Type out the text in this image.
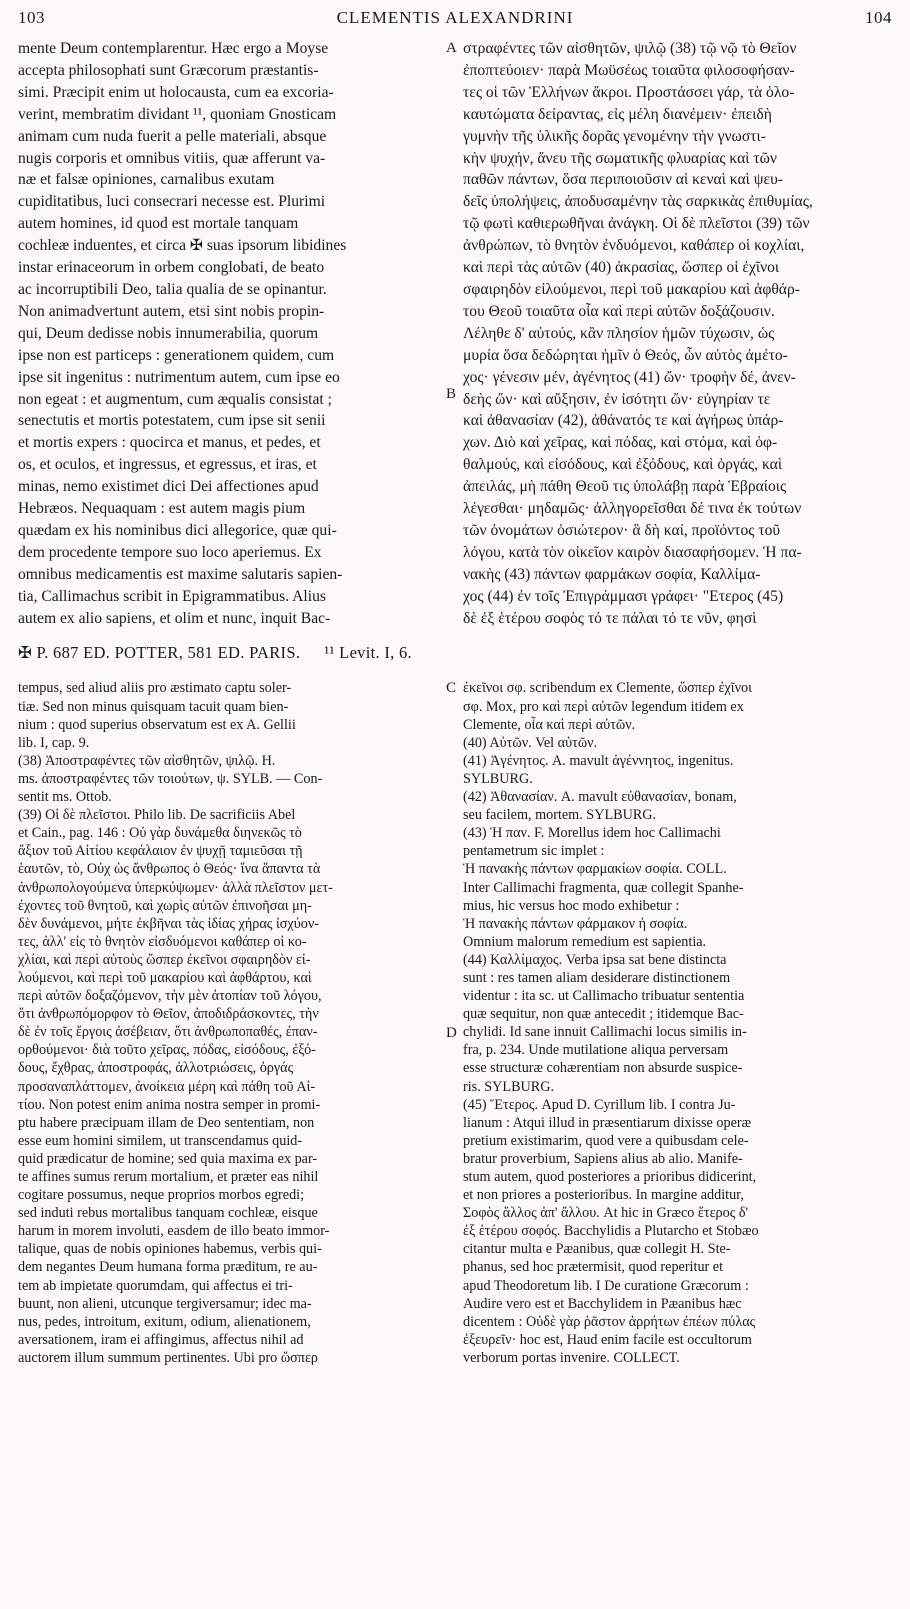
103	CLEMENTIS ALEXANDRINI	104
mente Deum contemplarentur. Hæc ergo a Moyse
accepta philosophati sunt Græcorum præstantis-
simi. Præcipit enim ut holocausta, cum ea excoria-
verint, membratim dividant ¹¹, quoniam Gnosticam
animam cum nuda fuerit a pelle materiali, absque
nugis corporis et omnibus vitiis, quæ afferunt va-
næ et falsæ opiniones, carnalibus exutam
cupiditatibus, luci consecrari necesse est. Plurimi
autem homines, id quod est mortale tanquam
cochleæ induentes, et circa ✠ suas ipsorum libidines
instar erinaceorum in orbem conglobati, de beato
ac incorruptibili Deo, talia qualia de se opinantur.
Non animadvertunt autem, etsi sint nobis propin-
qui, Deum dedisse nobis innumerabilia, quorum
ipse non est particeps : generationem quidem, cum
ipse sit ingenitus : nutrimentum autem, cum ipse eo
non egeat : et augmentum, cum æqualis consistat ;
senectutis et mortis potestatem, cum ipse sit senii
et mortis expers : quocirca et manus, et pedes, et
os, et oculos, et ingressus, et egressus, et iras, et
minas, nemo existimet dici Dei affectiones apud
Hebræos. Nequaquam : est autem magis pium
quædam ex his nominibus dici allegorice, quæ qui-
dem procedente tempore suo loco aperiemus. Ex
omnibus medicamentis est maxime salutaris sapien-
tia, Callimachus scribit in Epigrammatibus. Alius
autem ex alio sapiens, et olim et nunc, inquit Bac-
στραφέντες τῶν αἰσθητῶν, ψιλῷ (38) τῷ νῷ τὸ Θεῖον
ἐποπτεύοιεν· παρὰ Μωϋσέως τοιαῦτα φιλοσοφήσαν-
τες οἱ τῶν Ἑλλήνων ἄκροι. Προστάσσει γάρ, τὰ ὁλο-
καυτώματα δείραντας, εἰς μέλη διανέμειν· ἐπειδὴ
γυμνὴν τῆς ὑλικῆς δορᾶς γενομένην τὴν γνωστι-
κὴν ψυχήν, ἄνευ τῆς σωματικῆς φλυαρίας καὶ τῶν
παθῶν πάντων, ὅσα περιποιοῦσιν αἱ κεναὶ καὶ ψευ-
δεῖς ὑπολήψεις, ἀποδυσαμένην τὰς σαρκικὰς ἐπιθυμίας,
τῷ φωτὶ καθιερωθῆναι ἀνάγκη. Οἱ δὲ πλεῖστοι (39) τῶν
ἀνθρώπων, τὸ θνητὸν ἐνδυόμενοι, καθάπερ οἱ κοχλίαι,
καὶ περὶ τὰς αὐτῶν (40) ἀκρασίας, ὥσπερ οἱ ἐχῖνοι
σφαιρηδὸν εἰλούμενοι, περὶ τοῦ μακαρίου καὶ ἀφθάρ-
του Θεοῦ τοιαῦτα οἷα καὶ περὶ αὐτῶν δοξάζουσιν.
Λέληθε δ' αὐτούς, κἂν πλησίον ἡμῶν τύχωσιν, ὡς
μυρία ὅσα δεδώρηται ἡμῖν ὁ Θεός, ὧν αὐτὸς ἀμέτο-
χος· γένεσιν μέν, ἀγένητος (41) ὤν· τροφὴν δέ, ἀνεν-
δεὴς ὤν· καὶ αὔξησιν, ἐν ἰσότητι ὤν· εὐγηρίαν τε
καὶ ἀθανασίαν (42), ἀθάνατός τε καὶ ἀγήρως ὑπάρ-
χων. Διὸ καὶ χεῖρας, καὶ πόδας, καὶ στόμα, καὶ ὀφ-
θαλμούς, καὶ εἰσόδους, καὶ ἐξόδους, καὶ ὀργάς, καὶ
ἀπειλάς, μὴ πάθη Θεοῦ τις ὑπολάβῃ παρὰ Ἑβραίοις
λέγεσθαι· μηδαμῶς· ἀλληγορεῖσθαι δέ τινα ἐκ τούτων
τῶν ὀνομάτων ὁσιώτερον· ἃ δὴ καί, προϊόντος τοῦ
λόγου, κατὰ τὸν οἰκεῖον καιρὸν διασαφήσομεν. Ἡ πα-
νακὴς (43) πάντων φαρμάκων σοφία, Καλλίμα-
χος (44) ἐν τοῖς Ἐπιγράμμασι γράφει· "Ετερος (45)
δὲ ἐξ ἑτέρου σοφὸς τό τε πάλαι τό τε νῦν, φησὶ
A
B
✠ P. 687 ED. POTTER, 581 ED. PARIS. ¹¹ Levit. I, 6.
tempus, sed aliud aliis pro æstimato captu soler-
tiæ. Sed non minus quisquam tacuit quam bien-
nium : quod superius observatum est ex A. Gellii
lib. I, cap. 9.
(38) Ἀποστραφέντες τῶν αἰσθητῶν, ψιλῷ. H.
ms. ἀποστραφέντες τῶν τοιούτων, ψ. SYLB. — Con-
sentit ms. Ottob.
(39) Οἱ δὲ πλεῖστοι. Philo lib. De sacrificiis Abel
et Cain., pag. 146 : Οὐ γὰρ δυνάμεθα διηνεκῶς τὸ
ἄξιον τοῦ Αἰτίου κεφάλαιον ἐν ψυχῇ ταμιεῦσαι τῇ
ἑαυτῶν, τὸ, Οὐχ ὡς ἄνθρωπος ὁ Θεός· ἵνα ἅπαντα τὰ
ἀνθρωπολογούμενα ὑπερκύψωμεν· ἀλλὰ πλεῖστον μετ-
έχοντες τοῦ θνητοῦ, καὶ χωρὶς αὐτῶν ἐπινοῆσαι μη-
δὲν δυνάμενοι, μήτε ἐκβῆναι τὰς ἰδίας χήρας ἰσχύον-
τες, ἀλλ' εἰς τὸ θνητὸν εἰσδυόμενοι καθάπερ οἱ κο-
χλίαι, καὶ περὶ αὐτοὺς ὥσπερ ἐκεῖνοι σφαιρηδὸν εἰ-
λούμενοι, καὶ περὶ τοῦ μακαρίου καὶ ἀφθάρτου, καὶ
περὶ αὐτῶν δοξαζόμενον, τὴν μὲν ἀτοπίαν τοῦ λόγου,
ὅτι ἀνθρωπόμορφον τὸ Θεῖον, ἀποδιδράσκοντες, τὴν
δὲ ἐν τοῖς ἔργοις ἀσέβειαν, ὅτι ἀνθρωποπαθές, ἐπαν-
ορθούμενοι· διὰ τοῦτο χεῖρας, πόδας, εἰσόδους, ἐξό-
δους, ἔχθρας, ἀποστροφάς, ἀλλοτριώσεις, ὀργάς
προσαναπλάττομεν, ἀνοίκεια μέρη καὶ πάθη τοῦ Αἰ-
τίου. Non potest enim anima nostra semper in promi-
ptu habere præcipuam illam de Deo sententiam, non
esse eum homini similem, ut transcendamus quid-
quid prædicatur de homine; sed quia maxima ex par-
te affines sumus rerum mortalium, et præter eas nihil
cogitare possumus, neque proprios morbos egredi;
sed induti rebus mortalibus tanquam cochleæ, eisque
harum in morem involuti, easdem de illo beato immor-
talique, quas de nobis opiniones habemus, verbis qui-
dem negantes Deum humana forma præditum, re au-
tem ab impietate quorumdam, qui affectus ei tri-
buunt, non alieni, utcunque tergiversamur; idec ma-
nus, pedes, introitum, exitum, odium, alienationem,
aversationem, iram ei affingimus, affectus nihil ad
auctorem illum summum pertinentes. Ubi pro ὥσπερ
ἐκεῖνοι σφ. scribendum ex Clemente, ὥσπερ ἐχῖνοι
σφ. Mox, pro καὶ περὶ αὐτῶν legendum itidem ex
Clemente, οἷα καὶ περὶ αὐτῶν.
(40) Αὐτῶν. Vel αὑτῶν.
(41) Ἀγένητος. A. mavult ἀγέννητος, ingenitus.
SYLBURG.
(42) Ἀθανασίαν. A. mavult εὐθανασίαν, bonam,
seu facilem, mortem. SYLBURG.
(43) Ἡ παν. F. Morellus idem hoc Callimachi
pentametrum sic implet :
Ἡ πανακὴς πάντων φαρμακίων σοφία. COLL.
Inter Callimachi fragmenta, quæ collegit Spanhe-
mius, hic versus hoc modo exhibetur :
Ἡ πανακὴς πάντων φάρμακον ἡ σοφία.
Omnium malorum remedium est sapientia.
(44) Καλλίμαχος. Verba ipsa sat bene distincta
sunt : res tamen aliam desiderare distinctionem
videntur : ita sc. ut Callimacho tribuatur sententia
quæ sequitur, non quæ antecedit ; itidemque Bac-
chylidi. Id sane innuit Callimachi locus similis in-
fra, p. 234. Unde mutilatione aliqua perversam
esse structuræ cohærentiam non absurde suspice-
ris. SYLBURG.
(45) Ἕτερος. Apud D. Cyrillum lib. I contra Ju-
lianum : Atqui illud in præsentiarum dixisse operæ
pretium existimarim, quod vere a quibusdam cele-
bratur proverbium, Sapiens alius ab alio. Manife-
stum autem, quod posteriores a prioribus didicerint,
et non priores a posterioribus. In margine additur,
Σοφὸς ἄλλος ἀπ' ἄλλου. At hic in Græco ἕτερος δ'
ἐξ ἑτέρου σοφός. Bacchylidis a Plutarcho et Stobæo
citantur multa e Pæanibus, quæ collegit H. Ste-
phanus, sed hoc prætermisit, quod reperitur et
apud Theodoretum lib. I De curatione Græcorum :
Audire vero est et Bacchylidem in Pæanibus hæc
dicentem : Οὐδὲ γὰρ ῥᾶστον ἀρρήτων ἐπέων πύλας
ἐξευρεῖν· hoc est, Haud enim facile est occultorum
verborum portas invenire. COLLECT.
C
D
